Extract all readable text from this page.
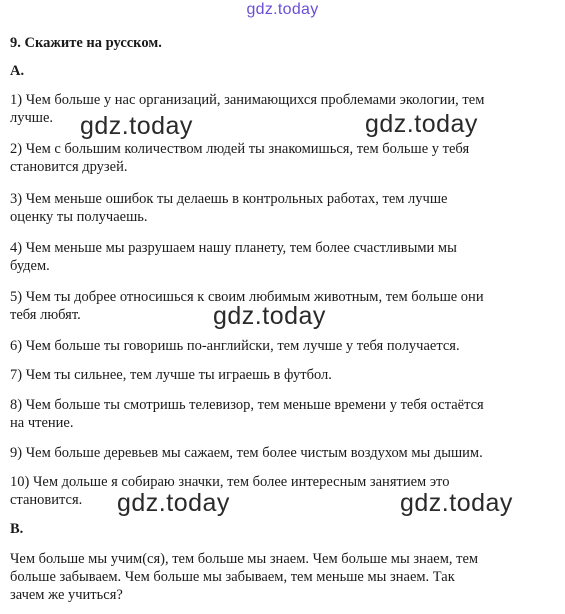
gdz.today

9. Скажите на русском.

A.

1) Чем больше у нас организаций, занимающихся проблемами экологии, тем

лучше.

2) Чем с большим количеством людей ты знакомишься, тем больше у тебя

становится друзей.

3) Чем меньше ошибок ты делаешь в контрольных работах, тем лучше

оценку ты получаешь.

4) Чем меньше мы разрушаем нашу планету, тем более счастливыми мы

будем.

5) Чем ты добрее относишься к своим любимым животным, тем больше они

тебя любят.

6) Чем больше ты говоришь по-английски, тем лучше у тебя получается.

7) Чем ты сильнее, тем лучше ты играешь в футбол.

8) Чем больше ты смотришь телевизор, тем меньше времени у тебя остаётся

на чтение.

9) Чем больше деревьев мы сажаем, тем более чистым воздухом мы дышим.

10) Чем дольше я собираю значки, тем более интересным занятием это

становится.

B.

Чем больше мы учим(ся), тем больше мы знаем. Чем больше мы знаем, тем

больше забываем. Чем больше мы забываем, тем меньше мы знаем. Так

зачем же учиться?

gdz.today	gdz.today
gdz.today
gdz.today	gdz.today
